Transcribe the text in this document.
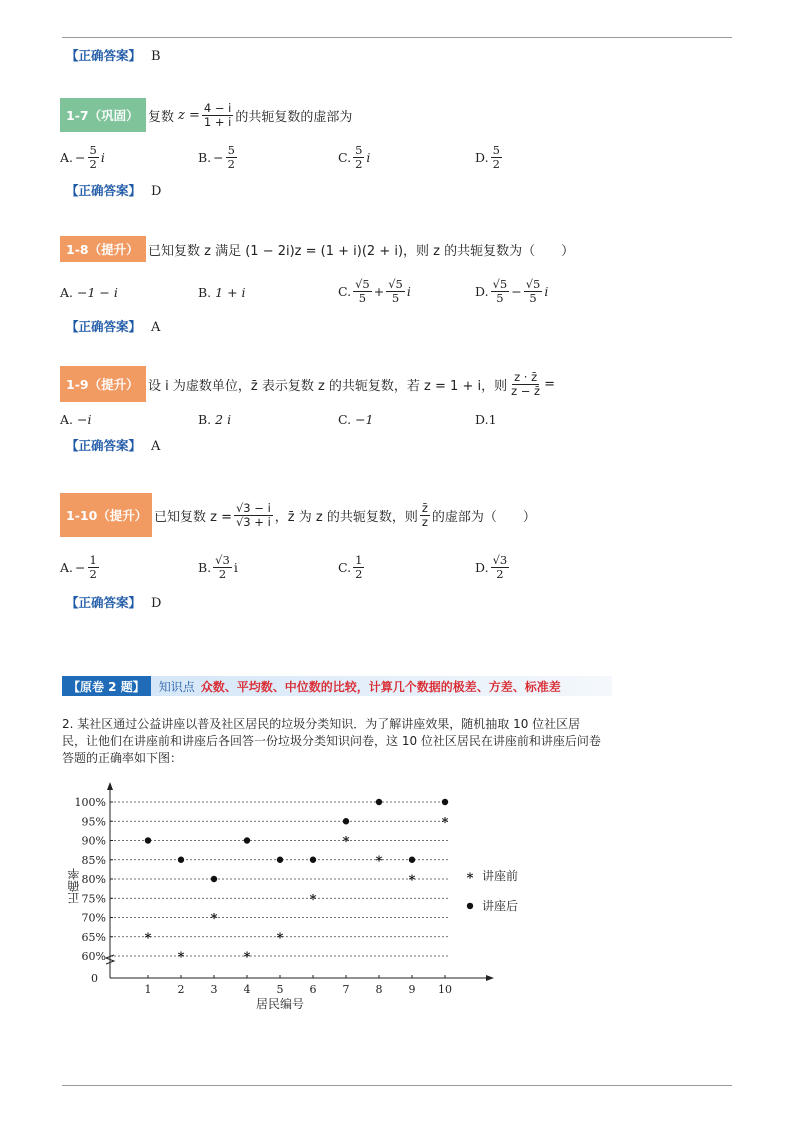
【正确答案】 B
1-7（巩固） 复数 $z = \frac{4 - i}{1 + i}$ 的共轭复数的虚部为
A. − $\frac{5}{2}$ i	B. − $\frac{5}{2}$	C. $\frac{5}{2}$ i	D. $\frac{5}{2}$
【正确答案】 D
1-8（提升） 已知复数 z 满足 (1 − 2i)z = (1 + i)(2 + i)，则 z 的共轭复数为（　　）
A.
−1 − i	B.
1 + i	C. $\frac{√5}{5} + \frac{√5}{5}$ i	D. $\frac{√5}{5} - \frac{√5}{5}$ i
【正确答案】 A
1-9（提升） 设 i 为虚数单位，z̄ 表示复数 z 的共轭复数，若 z = 1 + i，则 $\frac{z \cdot z̄}{z - z̄}$ =
A.
−i	B.
2 i	C.
−1	D. 1
【正确答案】 A
1-10（提升） 已知复数 $z = \frac{√3 - i}{√3 + i}$ ，z̄ 为 z 的共轭复数，则 $\frac{z̄}{z}$ 的虚部为（　　）
A. − $\frac{1}{2}$	B. $\frac{√3}{2}$ i	C. $\frac{1}{2}$	D. $\frac{√3}{2}$
【正确答案】 D
【原卷 2 题】	知识点 众数、平均数、中位数的比较，计算几个数据的极差、方差、标准差
2. 某社区通过公益讲座以普及社区居民的垃圾分类知识．为了解讲座效果，随机抽取 10 位社区居民，让他们在讲座前和讲座后各回答一份垃圾分类知识问卷，这 10 位社区居民在讲座前和讲座后问卷答题的正确率如下图：
60%
65%
70%
75%
80%
85%
90%
95%
100%
0
1 2 3 4 5 6 7 8 9 10
居民编号
正确率
*
*
*
*
*
*
*
*
*
*
* 讲座前
讲座后
